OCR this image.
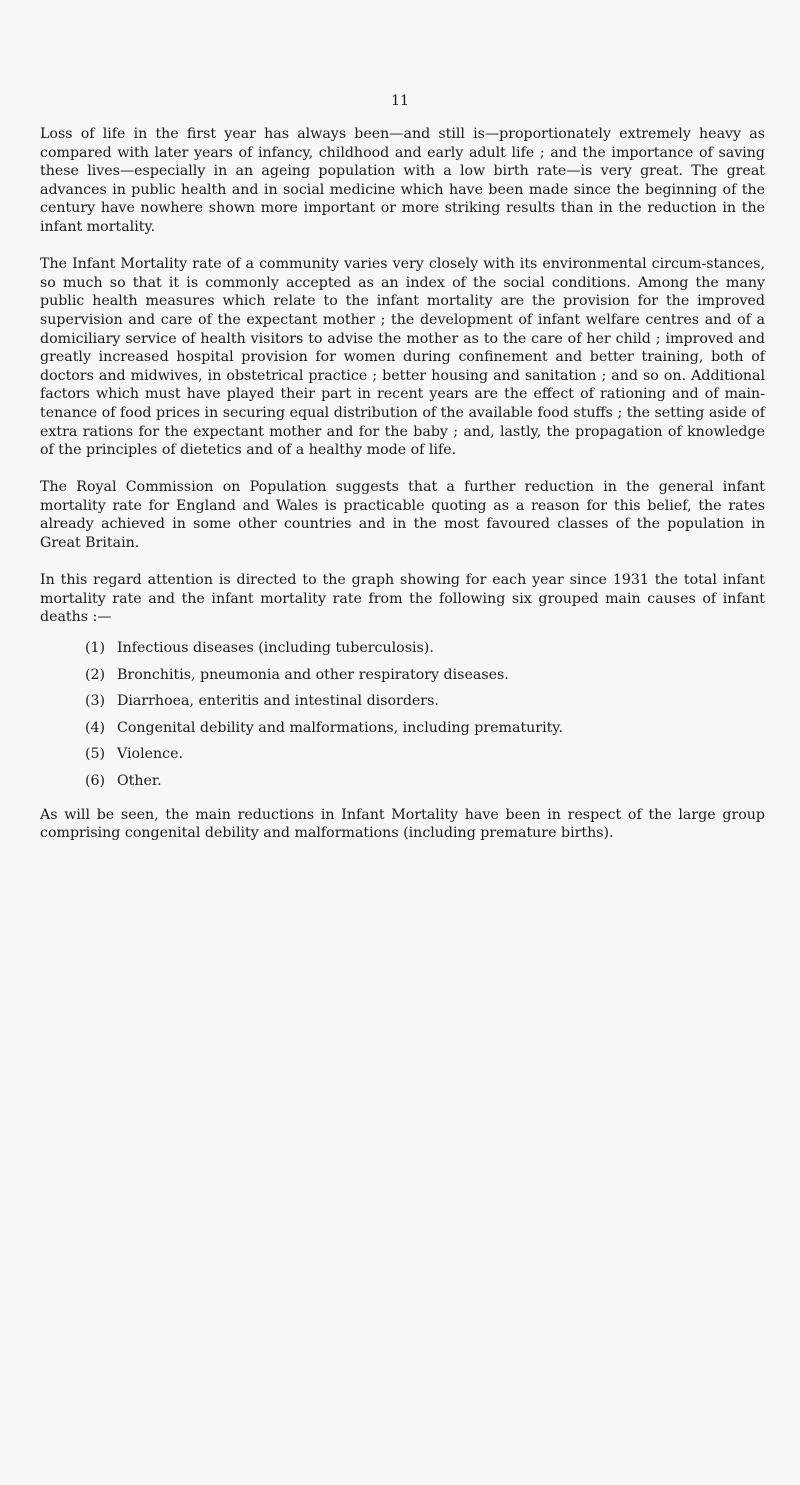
11

Loss of life in the first year has always been—and still is—proportionately extremely heavy as compared with later years of infancy, childhood and early adult life ; and the importance of saving these lives—especially in an ageing population with a low birth rate—is very great. The great advances in public health and in social medicine which have been made since the beginning of the century have nowhere shown more important or more striking results than in the reduction in the infant mortality.

The Infant Mortality rate of a community varies very closely with its environmental circum-stances, so much so that it is commonly accepted as an index of the social conditions. Among the many public health measures which relate to the infant mortality are the provision for the improved supervision and care of the expectant mother ; the development of infant welfare centres and of a domiciliary service of health visitors to advise the mother as to the care of her child ; improved and greatly increased hospital provision for women during confinement and better training, both of doctors and midwives, in obstetrical practice ; better housing and sanitation ; and so on. Additional factors which must have played their part in recent years are the effect of rationing and of main-tenance of food prices in securing equal distribution of the available food stuffs ; the setting aside of extra rations for the expectant mother and for the baby ; and, lastly, the propagation of knowledge of the principles of dietetics and of a healthy mode of life.

The Royal Commission on Population suggests that a further reduction in the general infant mortality rate for England and Wales is practicable quoting as a reason for this belief, the rates already achieved in some other countries and in the most favoured classes of the population in Great Britain.

In this regard attention is directed to the graph showing for each year since 1931 the total infant mortality rate and the infant mortality rate from the following six grouped main causes of infant deaths :—

(1) Infectious diseases (including tuberculosis).
(2) Bronchitis, pneumonia and other respiratory diseases.
(3) Diarrhoea, enteritis and intestinal disorders.
(4) Congenital debility and malformations, including prematurity.
(5) Violence.
(6) Other.

As will be seen, the main reductions in Infant Mortality have been in respect of the large group comprising congenital debility and malformations (including premature births).
